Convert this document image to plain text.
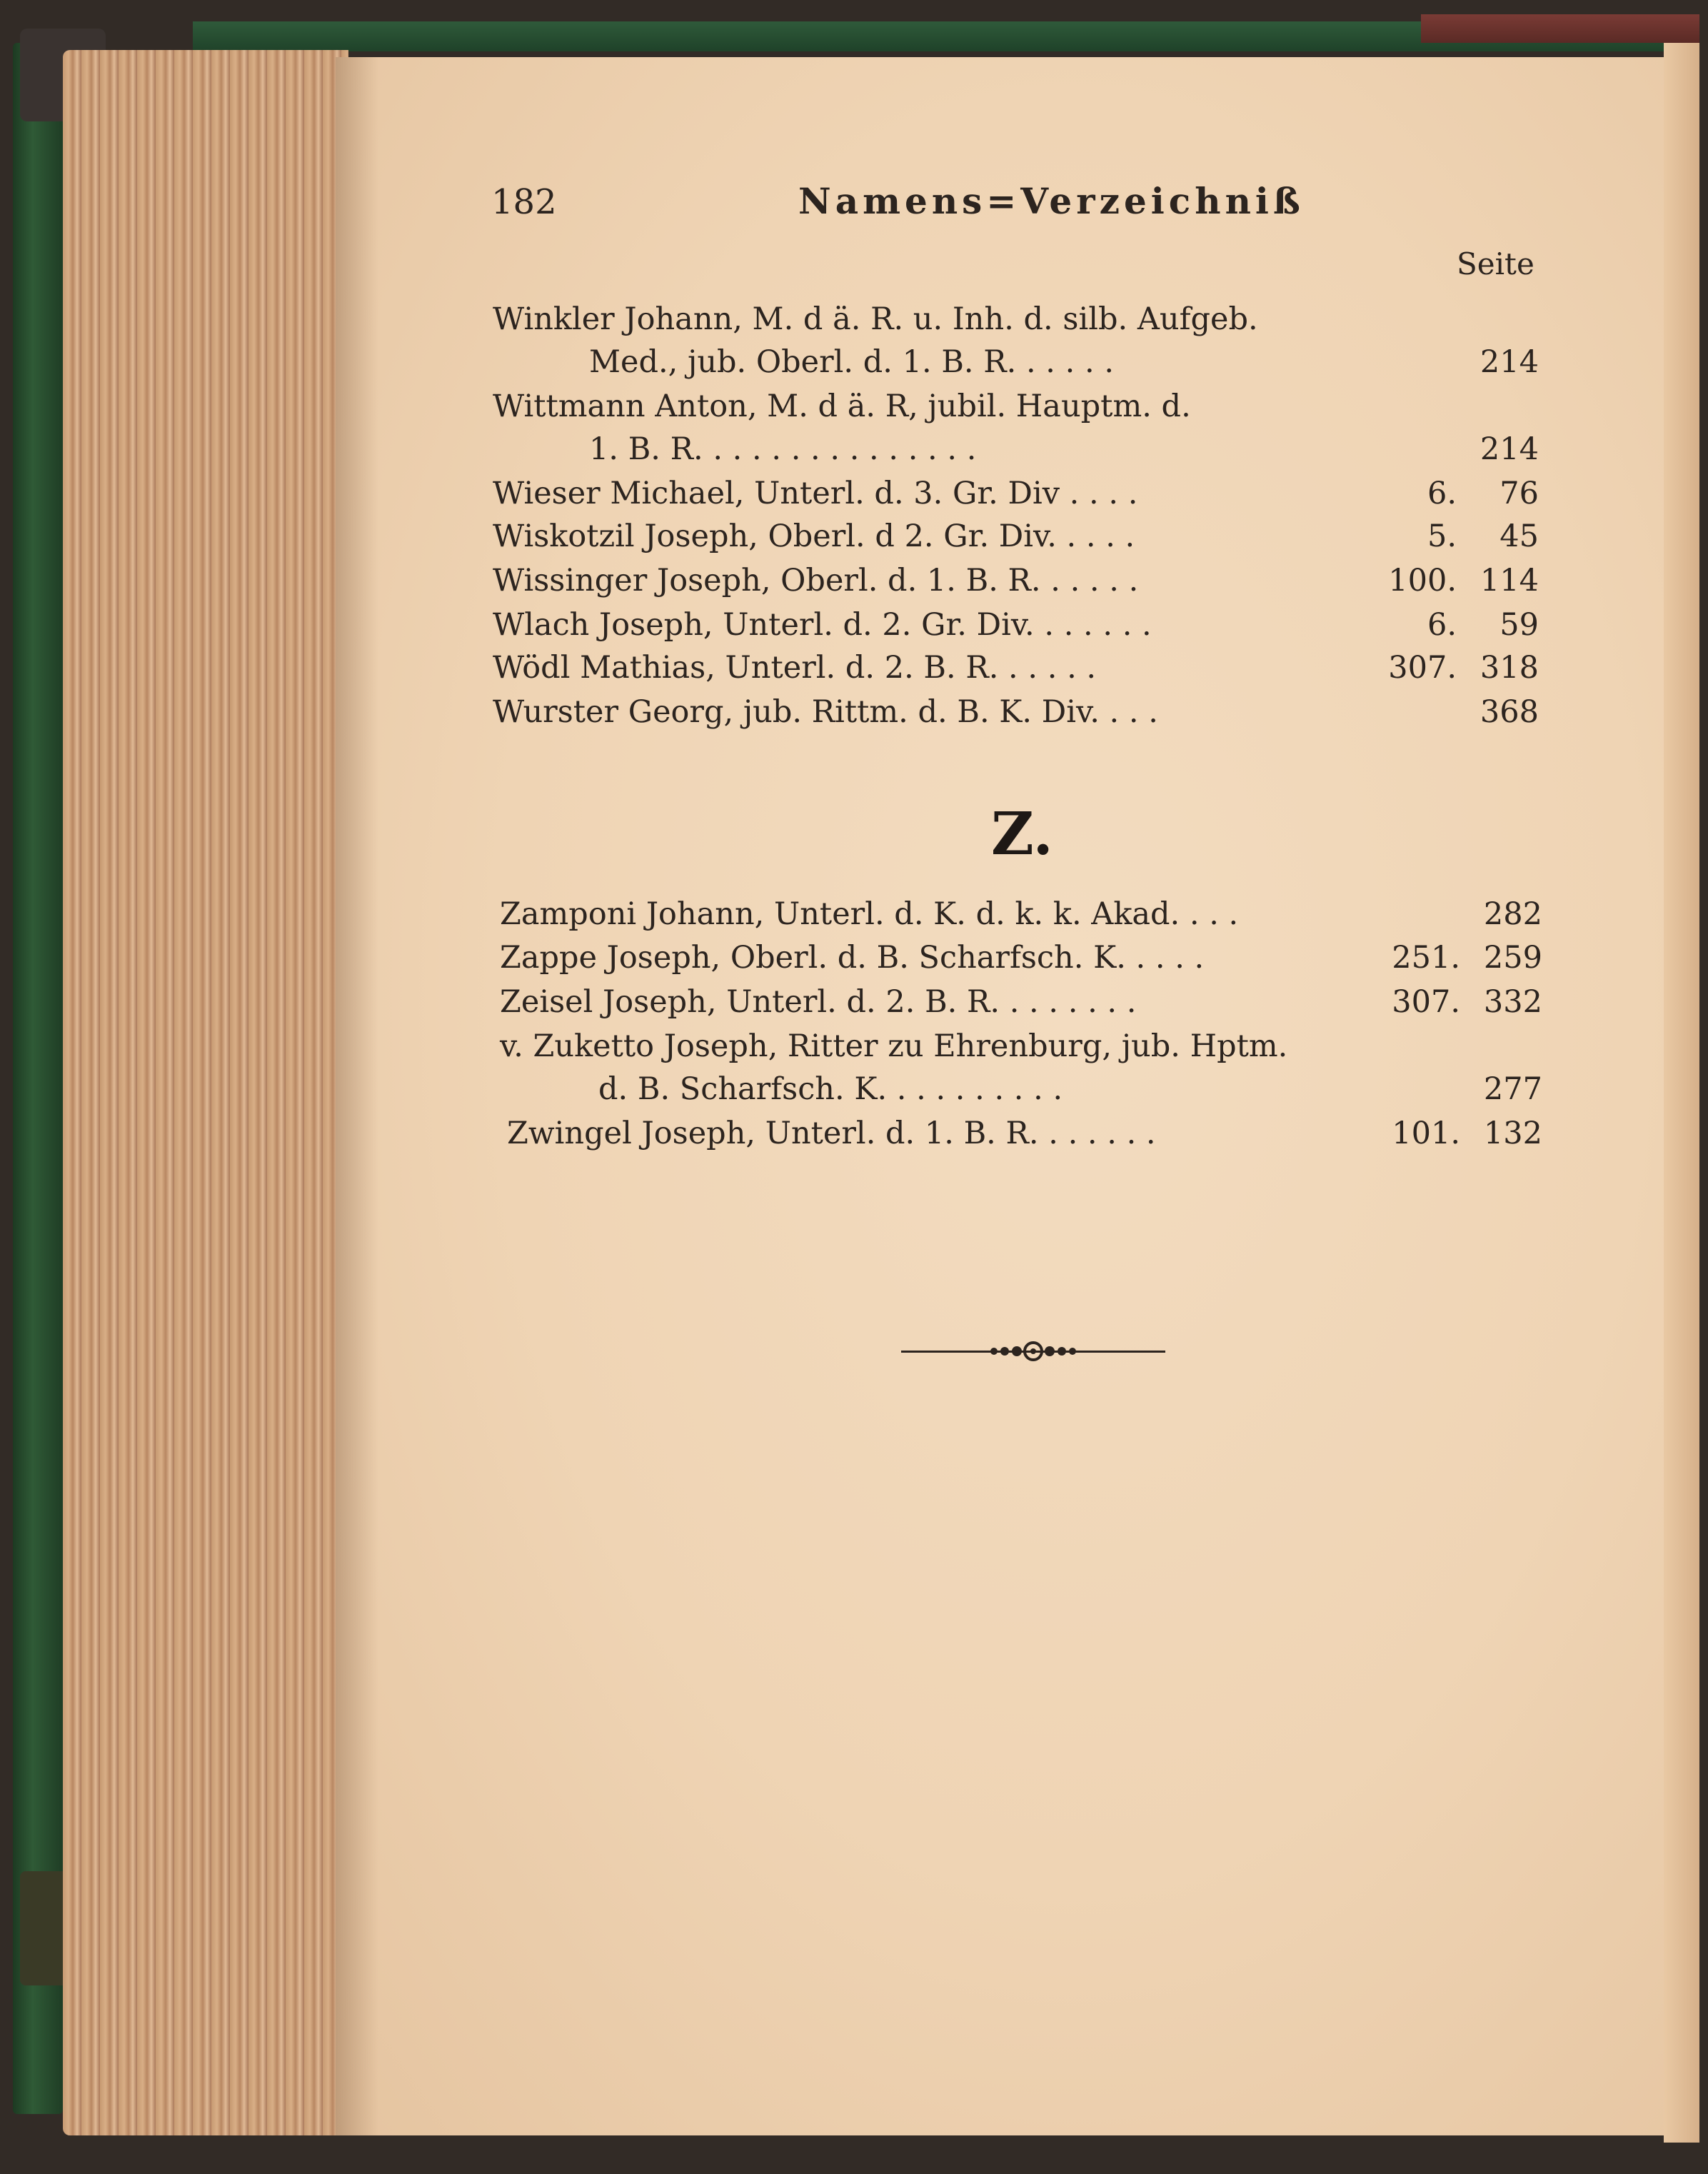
182	Namens=Verzeichniß
Seite
Winkler Johann, M. d ä. R. u. Inh. d. silb. Aufgeb.
Med., jub. Oberl. d. 1. B. R. . . . . .	214
Wittmann Anton, M. d ä. R, jubil. Hauptm. d.
1. B. R. . . . . . . . . . . . . . .	214
Wieser Michael, Unterl. d. 3. Gr. Div . . . .	6.	76
Wiskotzil Joseph, Oberl. d 2. Gr. Div. . . . .	5.	45
Wissinger Joseph, Oberl. d. 1. B. R. . . . . .	100. 114
Wlach Joseph, Unterl. d. 2. Gr. Div. . . . . . .	6.	59
Wödl Mathias, Unterl. d. 2. B. R. . . . . .	307. 318
Wurster Georg, jub. Rittm. d. B. K. Div. . . .	368
Z.
Zamponi Johann, Unterl. d. K. d. k. k. Akad. . . .	282
Zappe Joseph, Oberl. d. B. Scharfsch. K. . . . .	251. 259
Zeisel Joseph, Unterl. d. 2. B. R. . . . . . . .	307. 332
v. Zuketto Joseph, Ritter zu Ehrenburg, jub. Hptm.
d. B. Scharfsch. K. . . . . . . . . .	277
Zwingel Joseph, Unterl. d. 1. B. R. . . . . . .	101. 132
